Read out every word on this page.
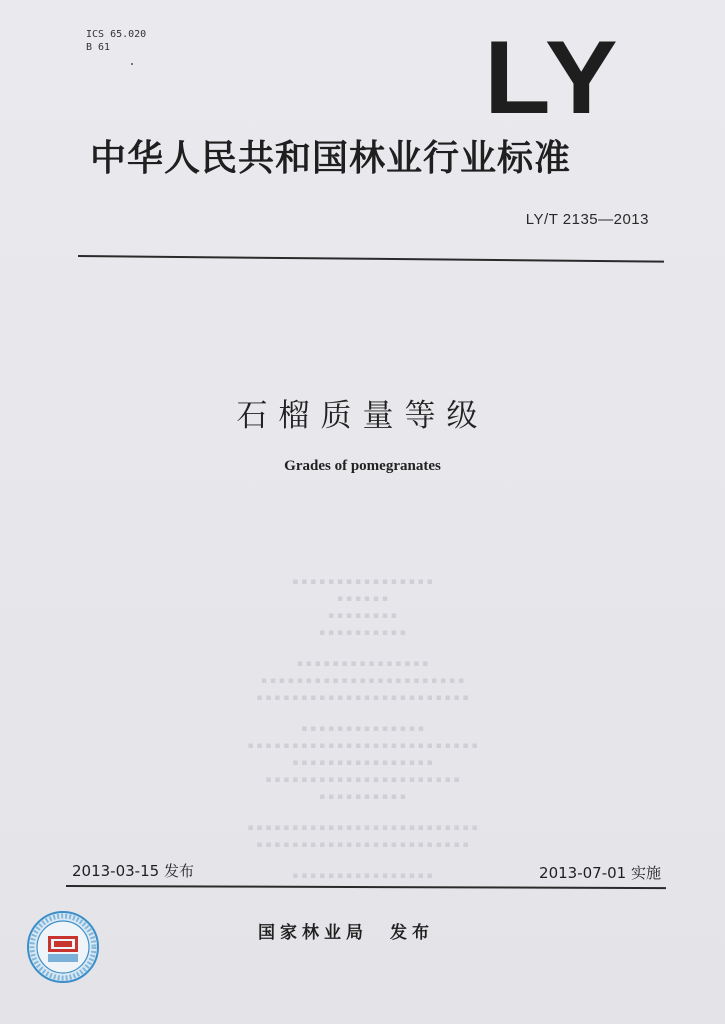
ICS 65.020
B 61	LY
中华人民共和国林业行业标准
LY/T 2135—2013
石榴质量等级
Grades of pomegranates
▪ ▪ ▪ ▪ ▪ ▪ ▪ ▪ ▪ ▪ ▪ ▪ ▪ ▪ ▪ ▪
▪ ▪ ▪ ▪ ▪ ▪
▪ ▪ ▪ ▪ ▪ ▪ ▪ ▪
▪ ▪ ▪ ▪ ▪ ▪ ▪ ▪ ▪ ▪
▪ ▪ ▪ ▪ ▪ ▪ ▪ ▪ ▪ ▪ ▪ ▪ ▪ ▪ ▪
▪ ▪ ▪ ▪ ▪ ▪ ▪ ▪ ▪ ▪ ▪ ▪ ▪ ▪ ▪ ▪ ▪ ▪ ▪ ▪ ▪ ▪ ▪
▪ ▪ ▪ ▪ ▪ ▪ ▪ ▪ ▪ ▪ ▪ ▪ ▪ ▪ ▪ ▪ ▪ ▪ ▪ ▪ ▪ ▪ ▪ ▪
▪ ▪ ▪ ▪ ▪ ▪ ▪ ▪ ▪ ▪ ▪ ▪ ▪ ▪
▪ ▪ ▪ ▪ ▪ ▪ ▪ ▪ ▪ ▪ ▪ ▪ ▪ ▪ ▪ ▪ ▪ ▪ ▪ ▪ ▪ ▪ ▪ ▪ ▪ ▪
▪ ▪ ▪ ▪ ▪ ▪ ▪ ▪ ▪ ▪ ▪ ▪ ▪ ▪ ▪ ▪
▪ ▪ ▪ ▪ ▪ ▪ ▪ ▪ ▪ ▪ ▪ ▪ ▪ ▪ ▪ ▪ ▪ ▪ ▪ ▪ ▪ ▪
▪ ▪ ▪ ▪ ▪ ▪ ▪ ▪ ▪ ▪
▪ ▪ ▪ ▪ ▪ ▪ ▪ ▪ ▪ ▪ ▪ ▪ ▪ ▪ ▪ ▪ ▪ ▪ ▪ ▪ ▪ ▪ ▪ ▪ ▪ ▪
▪ ▪ ▪ ▪ ▪ ▪ ▪ ▪ ▪ ▪ ▪ ▪ ▪ ▪ ▪ ▪ ▪ ▪ ▪ ▪ ▪ ▪ ▪ ▪
▪ ▪ ▪ ▪ ▪ ▪ ▪ ▪ ▪ ▪ ▪ ▪ ▪ ▪ ▪ ▪
2013-03-15 发布	2013-07-01 实施
国家林业局 发布
